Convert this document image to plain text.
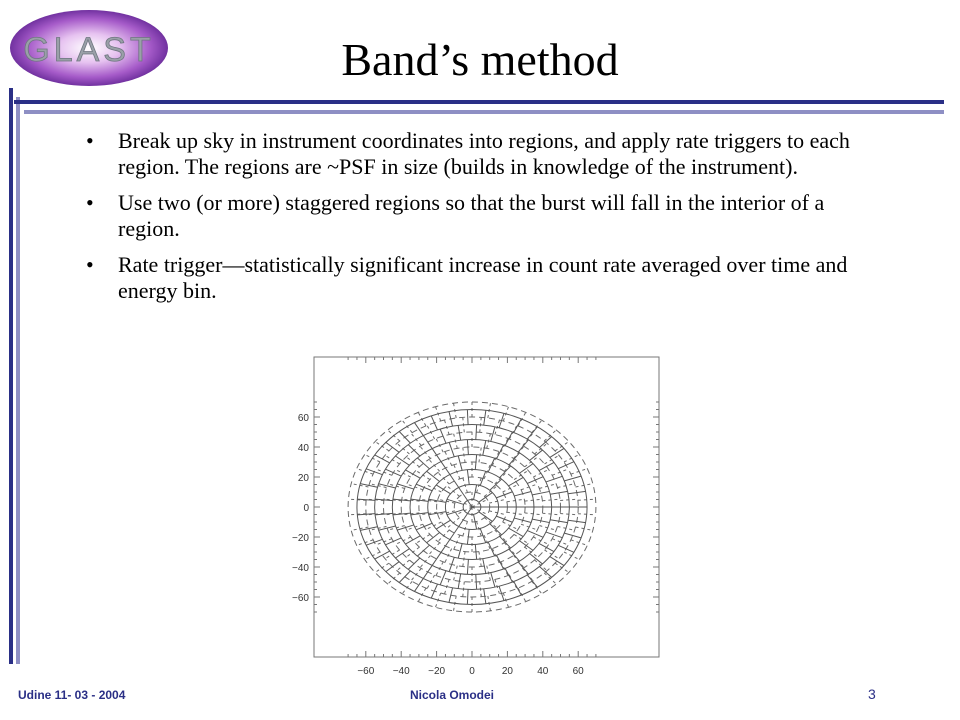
GLAST	Band’s method
• Break up sky in instrument coordinates into regions, and apply rate triggers to each region. The regions are ~PSF in size (builds in knowledge of the instrument).
• Use two (or more) staggered regions so that the burst will fall in the interior of a region.
• Rate trigger—statistically significant increase in count rate averaged over time and energy bin.
−60 −40 −20 0	20 40 60
−60
−40
−20
0
20
40
60
Udine 11- 03 - 2004	Nicola Omodei	3
